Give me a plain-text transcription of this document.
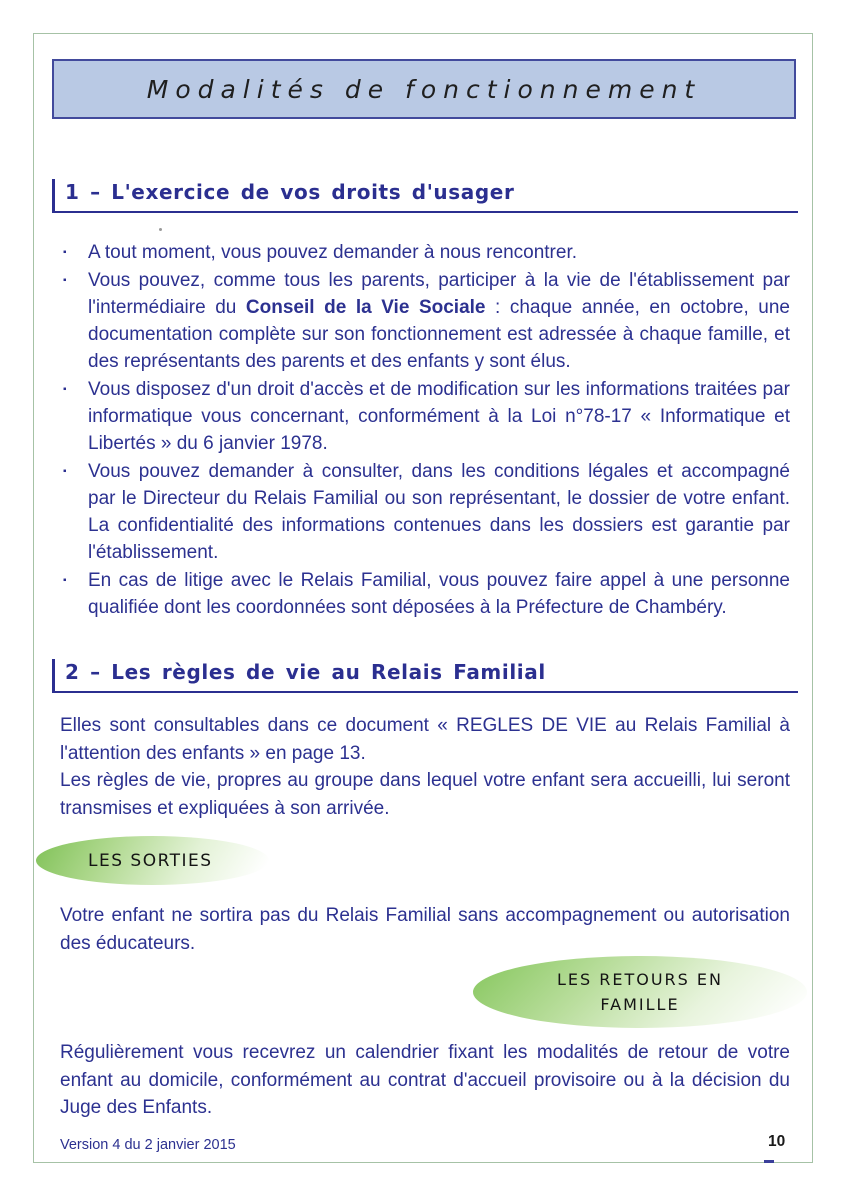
Modalités de fonctionnement
1 – L'exercice de vos droits d'usager
▪	A tout moment, vous pouvez demander à nous rencontrer.
▪	Vous pouvez, comme tous les parents, participer à la vie de l'établissement par l'intermédiaire du Conseil de la Vie Sociale : chaque année, en octobre, une documentation complète sur son fonctionnement est adressée à chaque famille, et des représentants des parents et des enfants y sont élus.
▪	Vous disposez d'un droit d'accès et de modification sur les informations traitées par informatique vous concernant, conformément à la Loi n°78-17 « Informatique et Libertés » du 6 janvier 1978.
▪	Vous pouvez demander à consulter, dans les conditions légales et accompagné par le Directeur du Relais Familial ou son représentant, le dossier de votre enfant. La confidentialité des informations contenues dans les dossiers est garantie par l'établissement.
▪	En cas de litige avec le Relais Familial, vous pouvez faire appel à une personne qualifiée dont les coordonnées sont déposées à la Préfecture de Chambéry.
2 – Les règles de vie au Relais Familial
Elles sont consultables dans ce document « REGLES DE VIE au Relais Familial à l'attention des enfants » en page 13.
Les règles de vie, propres au groupe dans lequel votre enfant sera accueilli, lui seront transmises et expliquées à son arrivée.
LES SORTIES
Votre enfant ne sortira pas du Relais Familial sans accompagnement ou autorisation des éducateurs.
LES RETOURS EN
FAMILLE
Régulièrement vous recevrez un calendrier fixant les modalités de retour de votre enfant au domicile, conformément au contrat d'accueil provisoire ou à la décision du Juge des Enfants.
Version 4 du 2 janvier 2015	10
